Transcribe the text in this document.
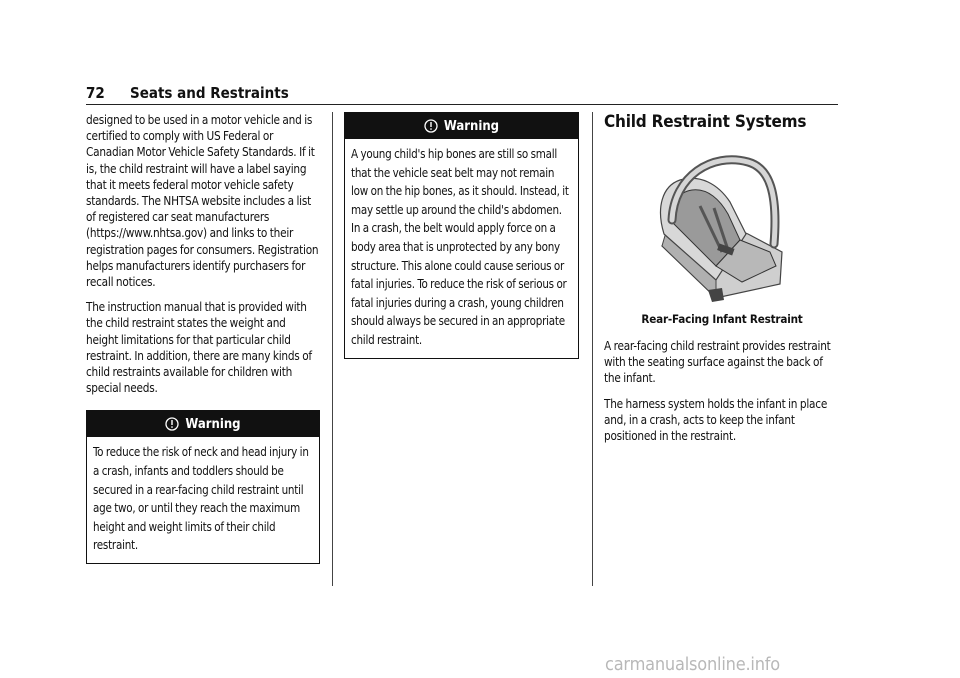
72 Seats and Restraints

designed to be used in a motor vehicle and is certified to comply with US Federal or Canadian Motor Vehicle Safety Standards. If it is, the child restraint will have a label saying that it meets federal motor vehicle safety standards. The NHTSA website includes a list of registered car seat manufacturers (https://www.nhtsa.gov) and links to their registration pages for consumers. Registration helps manufacturers identify purchasers for recall notices.

The instruction manual that is provided with the child restraint states the weight and height limitations for that particular child restraint. In addition, there are many kinds of child restraints available for children with special needs.

Warning
To reduce the risk of neck and head injury in a crash, infants and toddlers should be secured in a rear-facing child restraint until age two, or until they reach the maximum height and weight limits of their child restraint.
Warning
A young child's hip bones are still so small that the vehicle seat belt may not remain low on the hip bones, as it should. Instead, it may settle up around the child's abdomen. In a crash, the belt would apply force on a body area that is unprotected by any bony structure. This alone could cause serious or fatal injuries. To reduce the risk of serious or fatal injuries during a crash, young children should always be secured in an appropriate child restraint.
Child Restraint Systems
Rear-Facing Infant Restraint

A rear-facing child restraint provides restraint with the seating surface against the back of the infant.

The harness system holds the infant in place and, in a crash, acts to keep the infant positioned in the restraint.

carmanualsonline.info
